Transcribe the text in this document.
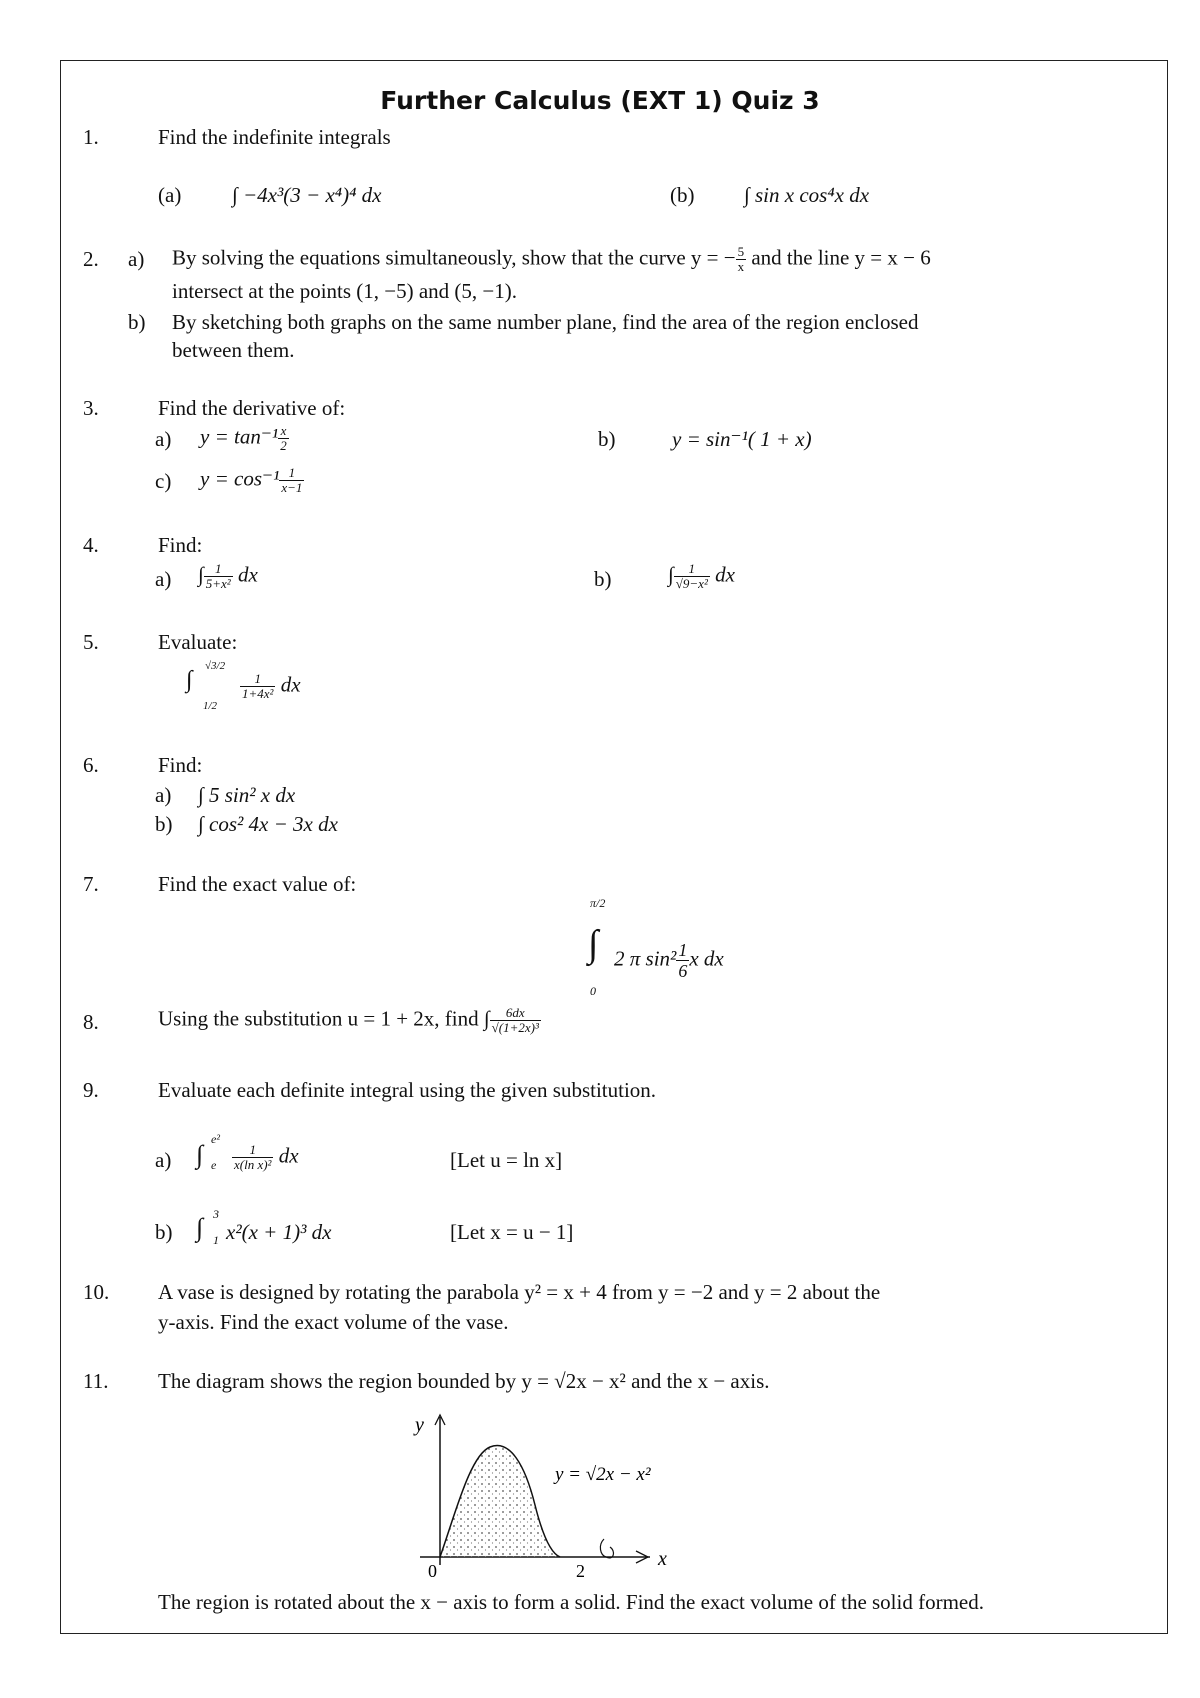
Further Calculus (EXT 1) Quiz 3
1.	Find the indefinite integrals
(a) ∫ −4x³(3 − x⁴)⁴ dx	(b) ∫ sin x cos⁴x dx
2. a) By solving the equations simultaneously, show that the curve y = − $\frac{5}{x}$ and the line y = x − 6
intersect at the points (1, −5) and (5, −1).
b) By sketching both graphs on the same number plane, find the area of the region enclosed
between them.
3.	Find the derivative of:
a) $y = \tan^{-1} \frac{x}{2}$	b)	y = sin⁻¹( 1 + x)
c) $y = \cos^{-1} \frac{1}{x-1}$
4.	Find:
a) ∫ $\frac{1}{\text{5+x²}}$ dx	b)	∫ $\frac{1}{\text{√9−x²}}$ dx
5.	Evaluate:
∫
√3/2
1/2
$\frac{1}{\text{1+4x²}}$ dx
6.	Find:
a) ∫ 5 sin² x dx
b) ∫ cos² 4x − 3x dx
7.	Find the exact value of:
π/2
∫
0
2 π $\sin^2 \frac{1}{6}$ x dx
8.	Using the substitution u = 1 + 2x, find ∫ $\frac{6dx}{\text{√(1+2x)³}}$
9.	Evaluate each definite integral using the given substitution.
a) ∫
e²
e $\frac{1}{\text{x(ln x)²}}$ dx	[Let u = ln x]
b) ∫ 3
1 x²(x + 1)³ dx	[Let x = u − 1]
10. A vase is designed by rotating the parabola y² = x + 4 from y = −2 and y = 2 about the
y-axis. Find the exact volume of the vase.
11. The diagram shows the region bounded by y = √2x − x² and the x − axis.
y
x
0	2
y = √2x − x²
The region is rotated about the x − axis to form a solid. Find the exact volume of the solid formed.
